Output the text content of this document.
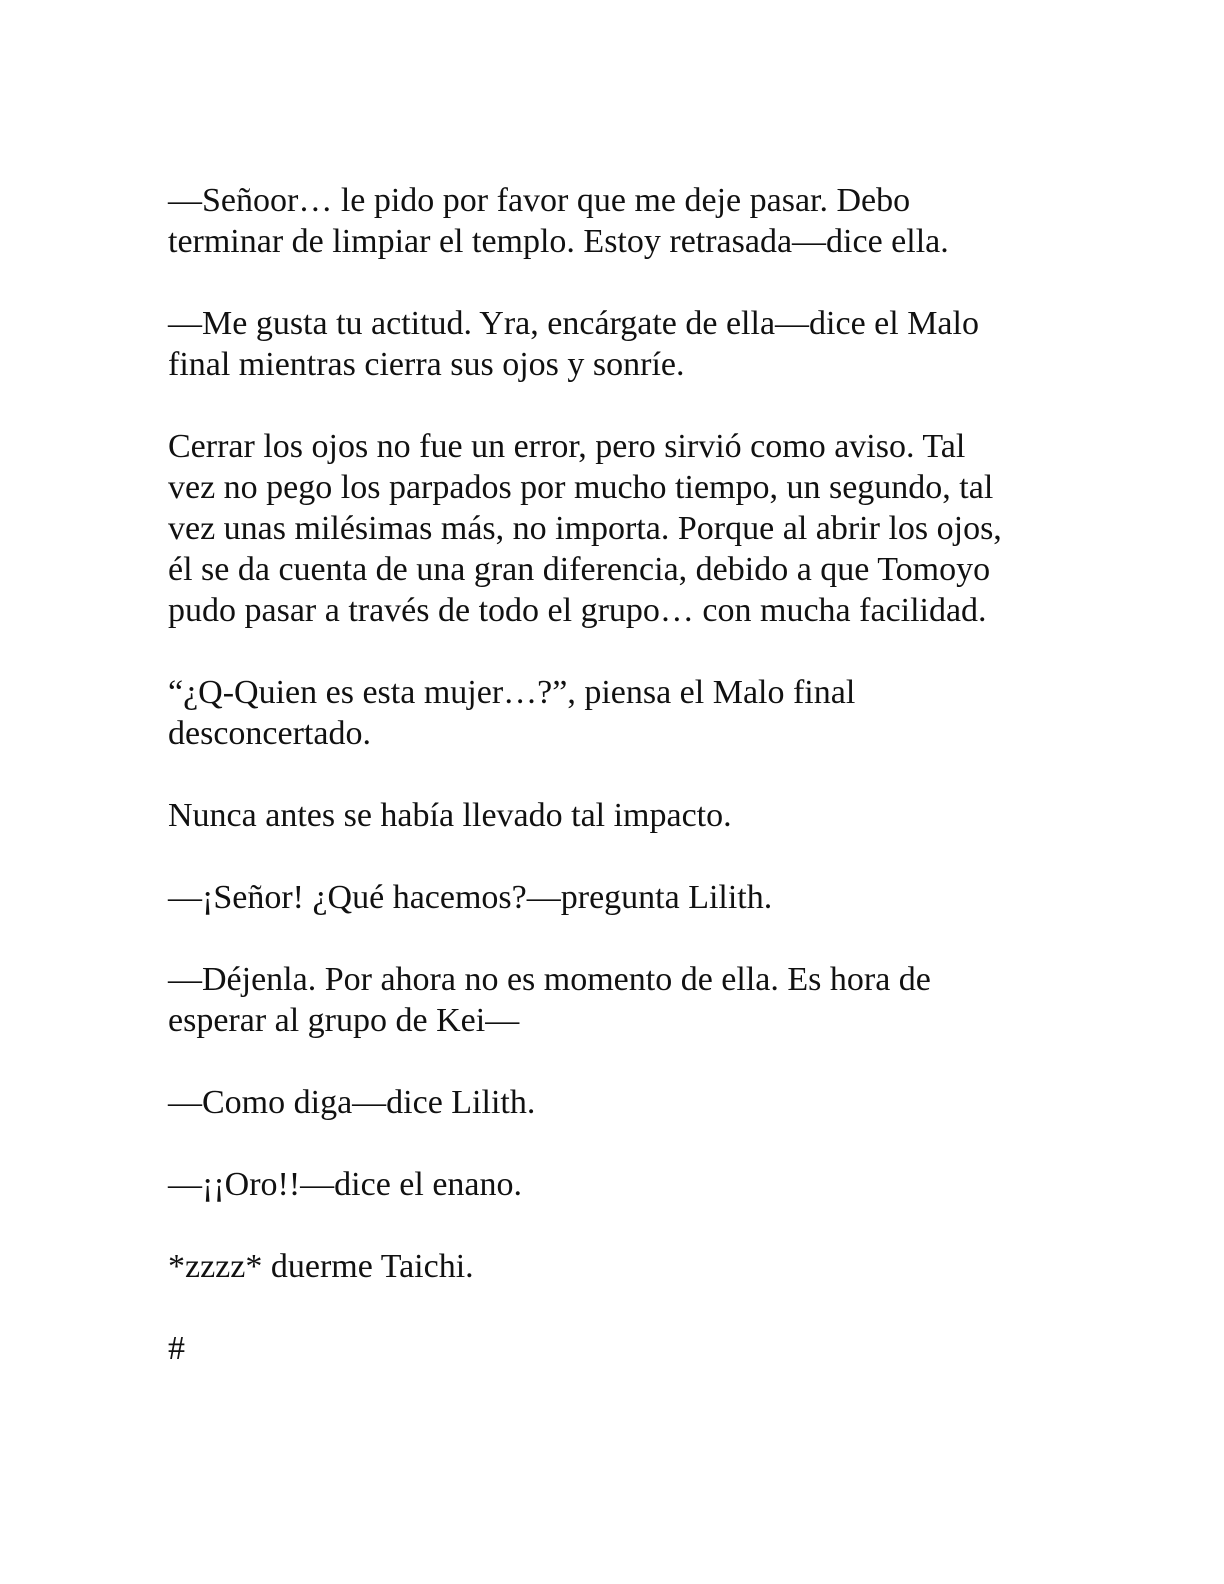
—Señoor… le pido por favor que me deje pasar. Debo
terminar de limpiar el templo. Estoy retrasada—dice ella.

—Me gusta tu actitud. Yra, encárgate de ella—dice el Malo
final mientras cierra sus ojos y sonríe.

Cerrar los ojos no fue un error, pero sirvió como aviso. Tal
vez no pego los parpados por mucho tiempo, un segundo, tal
vez unas milésimas más, no importa. Porque al abrir los ojos,
él se da cuenta de una gran diferencia, debido a que Tomoyo
pudo pasar a través de todo el grupo… con mucha facilidad.

“¿Q-Quien es esta mujer…?”, piensa el Malo final
desconcertado.

Nunca antes se había llevado tal impacto.

—¡Señor! ¿Qué hacemos?—pregunta Lilith.

—Déjenla. Por ahora no es momento de ella. Es hora de
esperar al grupo de Kei—

—Como diga—dice Lilith.

—¡¡Oro!!—dice el enano.

*zzzz* duerme Taichi.

#
